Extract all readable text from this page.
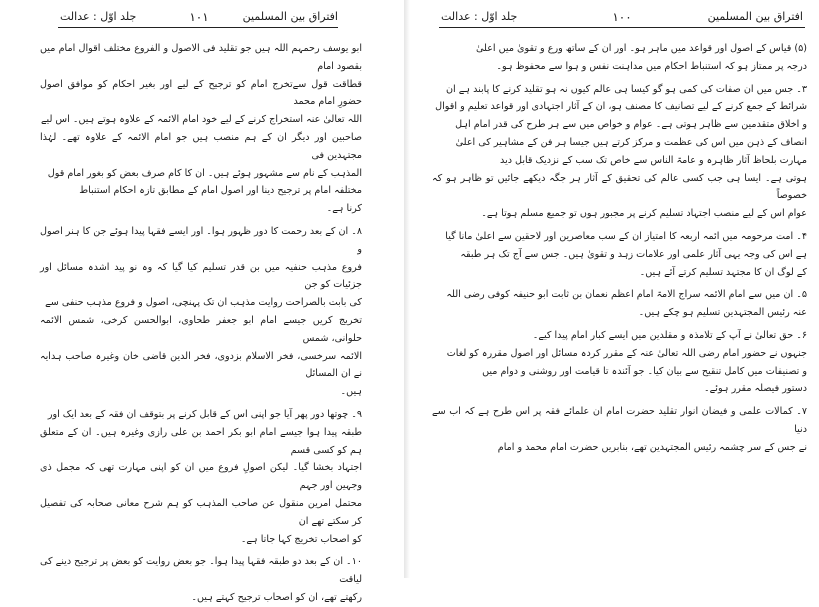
افتراق بین المسلمین
۱۰۱
جلد اوّل : عدالت

ابو یوسف رحمہم اللہ ہیں جو تقلید فی الاصول و الفروع مختلف اقوال امام میں بقصود امام

قطاقت قول سےتخرج امام کو ترجیح کے لیے اور بغیر احکام کو موافق اصول حضورِ امام محمد

اللہ تعالیٰ عنہ استخراج کرنے کے لیے خود امام الائمہ کے علاوہ ہوتے ہیں۔ اس لیے

صاحبین اور دیگر ان کے ہم منصب ہیں جو امام الائمہ کے علاوہ تھے۔ لہٰذا مجتہدین فی

المذہب کے نام سے مشہور ہوئے ہیں۔ ان کا کام صرف بعض کو بغور امام قول

مختلفہ امام پر ترجیح دینا اور اصول امام کے مطابق تازہ احکام استنباط

کرنا ہے۔

۸۔ ان کے بعد رحمت کا دور ظہور ہوا۔ اور ایسے فقہا پیدا ہوئے جن کا ہنر اصول و

فروع مذہب حنفیہ میں بن قدر تسلیم کیا گیا کہ وہ نو پید اشدہ مسائل اور جزئیات کو جن

کی بابت بالصراحت روایت مذہب ان تک پہنچی، اصول و فروع مذہب حنفی سے

تخریج کریں جیسے امام ابو جعفر طحاوی، ابوالحسن کرخی، شمس الائمہ حلوانی، شمس

الائمہ سرخسی، فخر الاسلام بزدوی، فخر الدین قاضی خان وغیرہ صاحب ہدایہ نے ان المسائل

ہیں۔

۹۔ چوتھا دور پھر آیا جو اپنی اس کے قابل کرنے پر بتوقف ان فقہ کے بعد ایک اور

طبقہ پیدا ہوا جیسے امام ابو بکر احمد بن علی رازی وغیرہ ہیں۔ ان کے متعلق ہم کو کسی قسم

اجتہاد بخشا گیا۔ لیکن اصولِ فروع میں ان کو اپنی مہارت تھی کہ مجمل ذی وجہین اور جہم

محتمل امرین منقول عن صاحب المذہب کو ہم شرح معانی صحابہ کی تفصیل کر سکتے تھے ان

کو اصحاب تخریج کہا جاتا ہے۔

۱۰۔ ان کے بعد دو طبقہ فقہا پیدا ہوا۔ جو بعض روایت کو بعض پر ترجیح دینے کی لیاقت

رکھتے تھے، ان کو اصحاب ترجیح کہتے ہیں۔

افتراق بین المسلمین
۱۰۰
جلد اوّل : عدالت

(۵) قیاس کے اصول اور قواعد میں ماہر ہو۔ اور ان کے ساتھ ورع و تقویٰ میں اعلیٰ

درجہ پر ممتاز ہو کہ استنباط احکام میں مداہنت نفس و ہوا سے محفوظ ہو۔

۳۔ جس میں ان صفات کی کمی ہو گو کیسا ہی عالم کیوں نہ ہو تقلید کرنے کا پابند ہے ان

شرائط کے جمع کرنے کے لیے تصانیف کا مصنف ہو، ان کے آثار اجتہادی اور قواعد تعلیم و اقوال

و اخلاق متقدمین سے ظاہر ہوتی ہے۔ عوام و خواص میں سے ہر طرح کی قدر امام اہل

انصاف کے ذہن میں اس کی عظمت و مرکز کرتے ہیں جیسا ہر فن کے مشاہیر کی اعلیٰ

مہارت بلحاظ آثار ظاہرہ و عامۃ الناس سے خاص تک سب کے نزدیک قابل دید

ہوتی ہے۔ ایسا ہی جب کسی عالم کی تحقیق کے آثار ہر جگہ دیکھے جائیں تو ظاہر ہو کہ خصوصاً

عوام اس کے لیے منصب اجتہاد تسلیم کرنے پر مجبور ہوں تو جمیع مسلم ہوتا ہے۔

۴۔ امت مرحومہ میں ائمہ اربعہ کا امتیاز ان کے سب معاصرین اور لاحقین سے اعلیٰ مانا گیا

ہے اس کی وجہ یہی آثار علمی اور علامات زہد و تقویٰ ہیں۔ جس سے آج تک ہر طبقہ

کے لوگ ان کا مجتہد تسلیم کرتے آئے ہیں۔

۵۔ ان میں سے امام الائمہ سراج الامۃ امام اعظم نعمان بن ثابت ابو حنیفہ کوفی رضی اللہ

عنہ رئیس المجتہدین تسلیم ہو چکے ہیں۔

۶۔ حق تعالیٰ نے آپ کے تلامذہ و مقلدین میں ایسے کبار امام پیدا کیے۔

جنہوں نے حضور امام رضی اللہ تعالیٰ عنہ کے مقرر کردہ مسائل اور اصول مقررہ کو لغات

و تصنیفات میں کامل تنقیح سے بیان کیا۔ جو آئندہ تا قیامت اور روشنی و دوام میں

دستور فیصلہ مقرر ہوئے۔

۷۔ کمالات علمی و فیضان انوار تقلید حضرت امام ان علمائے فقہ پر اس طرح ہے کہ اب سے دنیا

نے جس کے سر چشمہ رئیس المجتہدین تھے، بنابریں حضرت امام محمد و امام
